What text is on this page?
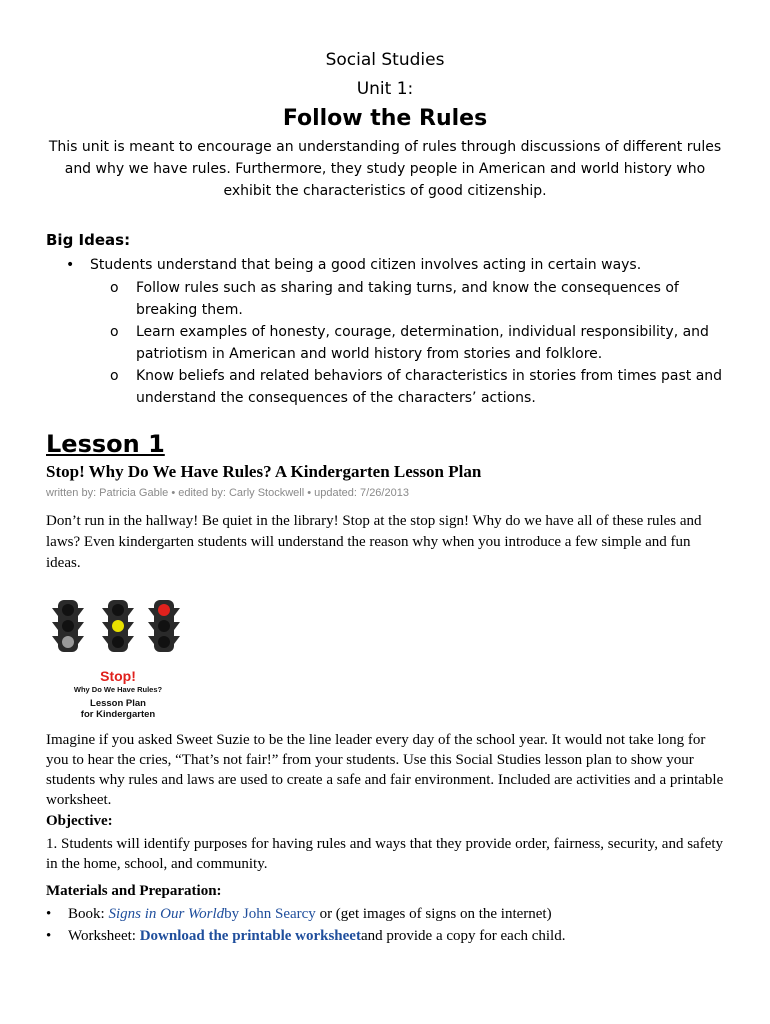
Social Studies
Unit 1:
Follow the Rules
This unit is meant to encourage an understanding of rules through discussions of different rules and why we have rules. Furthermore, they study people in American and world history who exhibit the characteristics of good citizenship.
Big Ideas:
• Students understand that being a good citizen involves acting in certain ways.
o Follow rules such as sharing and taking turns, and know the consequences of breaking them.
o Learn examples of honesty, courage, determination, individual responsibility, and patriotism in American and world history from stories and folklore.
o Know beliefs and related behaviors of characteristics in stories from times past and understand the consequences of the characters’ actions.
Lesson 1
Stop! Why Do We Have Rules? A Kindergarten Lesson Plan
written by: Patricia Gable • edited by: Carly Stockwell • updated: 7/26/2013
Don’t run in the hallway! Be quiet in the library! Stop at the stop sign! Why do we have all of these rules and laws? Even kindergarten students will understand the reason why when you introduce a few simple and fun ideas.
Stop!
Why Do We Have Rules?
Lesson Plan
for Kindergarten
Imagine if you asked Sweet Suzie to be the line leader every day of the school year. It would not take long for you to hear the cries, “That’s not fair!” from your students. Use this Social Studies lesson plan to show your students why rules and laws are used to create a safe and fair environment. Included are activities and a printable worksheet.
Objective:
1. Students will identify purposes for having rules and ways that they provide order, fairness, security, and safety in the home, school, and community.
Materials and Preparation:
• Book: Signs in Our Worldby John Searcy or (get images of signs on the internet)
• Worksheet: Download the printable worksheetand provide a copy for each child.
